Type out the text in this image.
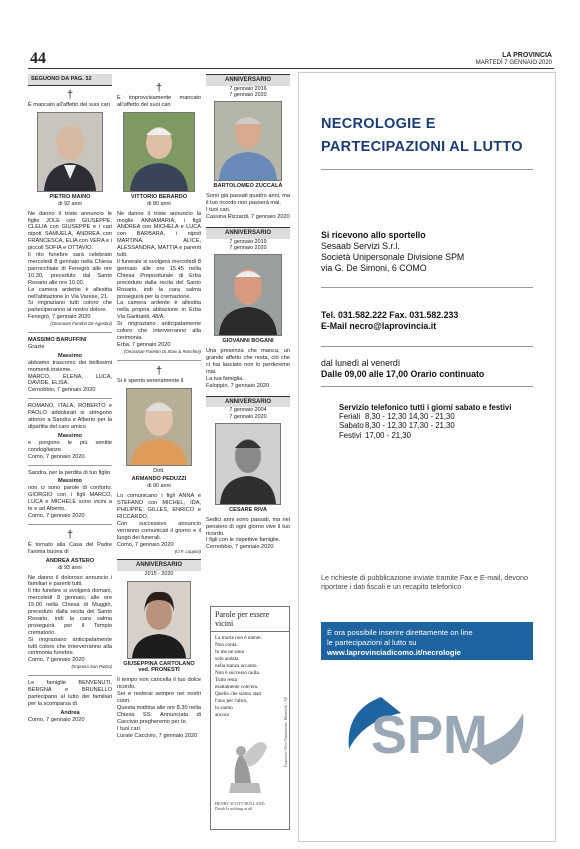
44	LA PROVINCIA
MARTEDÌ 7 GENNAIO 2020
SEGUONO DA PAG. 32

†

È mancato all'affetto dei suoi cari

PIETRO MAINO

di 92 anni

Ne danno il triste annuncio le figlie JOLE con GIUSEPPE, CLELIA con GIUSEPPE e i cari nipoti SAMUELA, ANDREA con FRANCESCA, ELIA con VERA e i piccoli SOFIA e OTTAVIO.

Il rito funebre sarà celebrato mercoledì 8 gennaio nella Chiesa parrocchiale di Fenegrò alle ore 10.30, preceduto dal Santo Rosario alle ore 10.00.

La camera ardente è allestita nell'abitazione in Via Varese, 21.

Si ringraziano tutti coloro che parteciperanno al nostro dolore.

Fenegrò, 7 gennaio 2020

(Onoranze Funebri De Agostini)

MASSIMO BARUFFINI

Grazie

Massimo

abbiamo trascorso dei bellissimi momenti insieme.

MARCO, ELENA, LUCA, DAVIDE, ELISA.

Cernobbio, 7 gennaio 2020

ROMANO, ITALA, ROBERTO e PAOLO addolorati si stringono attorno a Sandra e Alberto per la dipartita del caro amico

Massimo

e porgono le più sentite condoglianze.

Como, 7 gennaio 2020

Sandra, per la perdita di tuo figlio

Massimo

non ci sono parole di conforto. GIORGIO con i figli MARCO, LUCA e MICHELE sono vicini a te e ad Alberto.

Como, 7 gennaio 2020

†

È tornato alla Casa del Padre l'anima buona di

ANDREA ASTERO

di 93 anni

Ne danno il doloroso annuncio i familiari e parenti tutti.

Il rito funebre si svolgerà domani, mercoledì 8 gennaio, alle ore 15.00 nella Chiesa di Muggiò, preceduto dalla recita del Santo Rosario, indi la cara salma proseguirà per il Tempio crematorio.

Si ringraziano anticipatamente tutti coloro che interverranno alla cerimonia funebre.

Como, 7 gennaio 2020

(Impresa San Pietro)

Le famiglie BENVENUTI, BERGNA e BRUNELLO partecipano al lutto dei familiari per la scomparsa di

Andrea

Como, 7 gennaio 2020

†

È improvvisamente mancato all'affetto dei suoi cari

VITTORIO BERARDO

di 80 anni

Ne danno il triste annuncio la moglie ANNAMARIA, i figli ANDREA con MICHELA e LUCA con BARBARA, i nipoti MARTINA, ALICE, ALESSANDRA, MATTIA e parenti tutti.

Il funerale si svolgerà mercoledì 8 gennaio alle ore 15.45 nella Chiesa Prepositurale di Erba preceduto dalla recita del Santo Rosario, indi la cara salma proseguirà per la cremazione.

La camera ardente è allestita nella propria abitazione in Erba Via Garibaldi, 48/A.

Si ringraziano anticipatamente coloro che interverranno alla cerimonia.

Erba, 7 gennaio 2020

(Onoranze Funebri Di Stasi & Ronchini)

†

Si è spento serenamente il

Dott.

ARMANDO PEDUZZI

di 90 anni

Lo comunicano i figli ANNA e STEFANO con MICHEL, IDA, PHILIPPE, GILLES, ENRICO e RICCARDO.

Con successivo annuncio verranno comunicati il giorno e il luogo dei funerali.

Como, 7 gennaio 2020

(O.F. Loppini)

ANNIVERSARIO

2015 - 2020

GIUSEPPINA CARTOLANO

ved. PRONESTÌ

Il tempo non cancella il tuo dolce ricordo.

Sei e resterai sempre nei nostri cuori.

Questa mattina alle ore 8.30 nella Chiesa SS. Annunciata di Caccivio pregheremo per te.

I tuoi cari.

Lurate Caccivio, 7 gennaio 2020

ANNIVERSARIO

7 gennaio 2016
7 gennaio 2020

BARTOLOMEO ZUCCALÀ

Sono già passati quattro anni, ma il tuo ricordo non passerà mai.

I tuoi cari.

Cassina Rizzardi, 7 gennaio 2020

ANNIVERSARIO

7 gennaio 2019
7 gennaio 2020

GIOVANNI BOGANI

Una presenza che manca, un grande affetto che resta, ciò che ci hai lasciato non lo perderemo mai.

La tua famiglia.

Faloppio, 7 gennaio 2020

ANNIVERSARIO

7 gennaio 2004
7 gennaio 2020

CESARE RIVA

Sedici anni sono passati, ma nel pensiero di ogni giorno vive il tuo ricordo.

I figli con le rispettive famiglie.

Cernobbio, 7 gennaio 2020

Parole per essere vicini
La morte non è niente.
Non conta.
Io me ne sono
solo andata
nella stanza accanto.
Non è successo nulla.
Tutto resta
esattamente com'era.
Quello che siamo stati
l'uno per l'altro,
lo siamo
ancora
HENRY SCOTT HOLLAND,
Death Is nothing at all
Francesco Oliva Illustrazione, Marmelab - AP
NECROLOGIE E
PARTECIPAZIONI AL LUTTO
Si ricevono allo sportello
Sesaab Servizi S.r.l.
Società Unipersonale Divisione SPM
via G. De Simoni, 6 COMO
Tel. 031.582.222 Fax. 031.582.233
E-Mail necro@laprovincia.it
dal lunedì al venerdì
Dalle 09,00 alle 17,00 Orario continuato
Servizio telefonico tutti i giorni sabato e festivi
Feriali 8,30 - 12,30 14,30 - 21,30
Sabato8,30 - 12,30 17,30 - 21,30
Festivi 17,00 - 21,30
Le richieste di pubblicazione inviate tramite Fax e E-mail, devono riportare i dati fiscali e un recapito telefonico
È ora possibile inserire direttamente on line
le partecipazioni al lutto su
www.laprovinciadicomo.it/necrologie
SPM
